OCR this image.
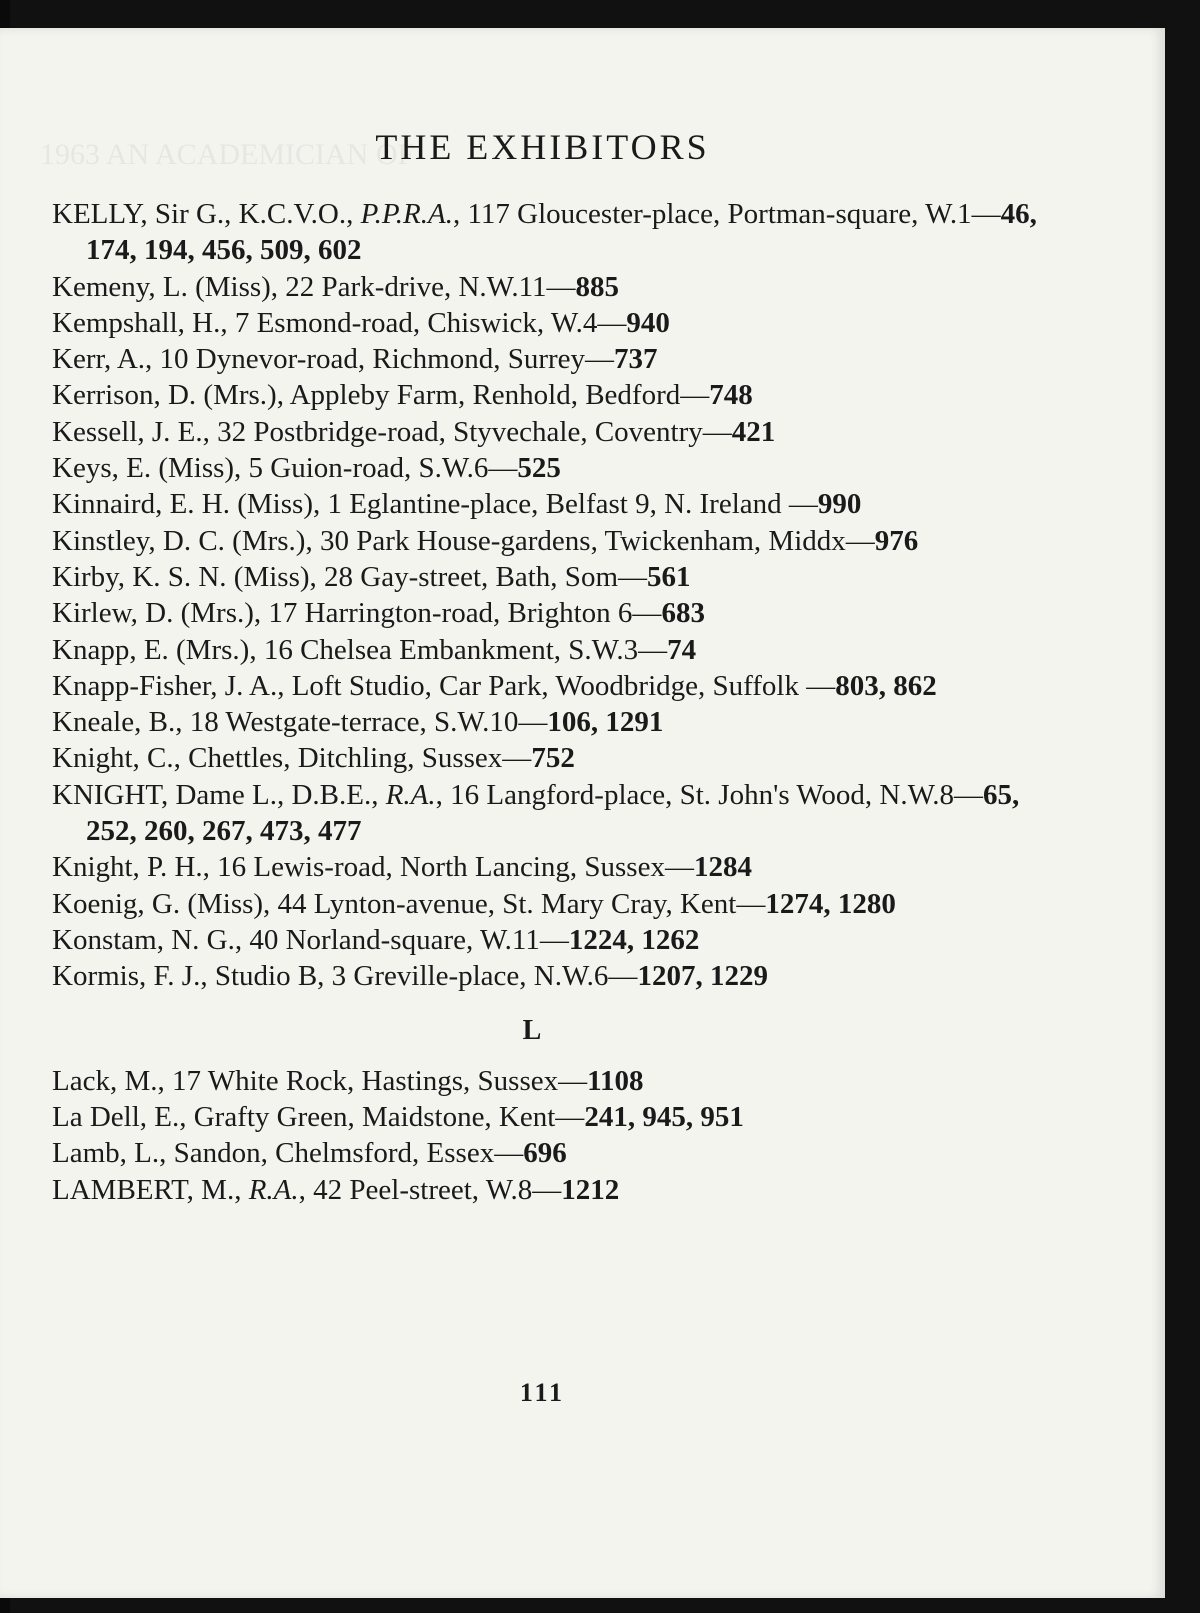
1963 AN ACADEMICIAN OF
THE EXHIBITORS
KELLY, Sir G., K.C.V.O., P.P.R.A., 117 Gloucester-place, Portman-square, W.1—46, 174, 194, 456, 509, 602
Kemeny, L. (Miss), 22 Park-drive, N.W.11—885
Kempshall, H., 7 Esmond-road, Chiswick, W.4—940
Kerr, A., 10 Dynevor-road, Richmond, Surrey—737
Kerrison, D. (Mrs.), Appleby Farm, Renhold, Bedford—748
Kessell, J. E., 32 Postbridge-road, Styvechale, Coventry—421
Keys, E. (Miss), 5 Guion-road, S.W.6—525
Kinnaird, E. H. (Miss), 1 Eglantine-place, Belfast 9, N. Ireland —990
Kinstley, D. C. (Mrs.), 30 Park House-gardens, Twickenham, Middx—976
Kirby, K. S. N. (Miss), 28 Gay-street, Bath, Som—561
Kirlew, D. (Mrs.), 17 Harrington-road, Brighton 6—683
Knapp, E. (Mrs.), 16 Chelsea Embankment, S.W.3—74
Knapp-Fisher, J. A., Loft Studio, Car Park, Woodbridge, Suffolk —803, 862
Kneale, B., 18 Westgate-terrace, S.W.10—106, 1291
Knight, C., Chettles, Ditchling, Sussex—752
KNIGHT, Dame L., D.B.E., R.A., 16 Langford-place, St. John's Wood, N.W.8—65, 252, 260, 267, 473, 477
Knight, P. H., 16 Lewis-road, North Lancing, Sussex—1284
Koenig, G. (Miss), 44 Lynton-avenue, St. Mary Cray, Kent—1274, 1280
Konstam, N. G., 40 Norland-square, W.11—1224, 1262
Kormis, F. J., Studio B, 3 Greville-place, N.W.6—1207, 1229
L
Lack, M., 17 White Rock, Hastings, Sussex—1108
La Dell, E., Grafty Green, Maidstone, Kent—241, 945, 951
Lamb, L., Sandon, Chelmsford, Essex—696
LAMBERT, M., R.A., 42 Peel-street, W.8—1212
111
